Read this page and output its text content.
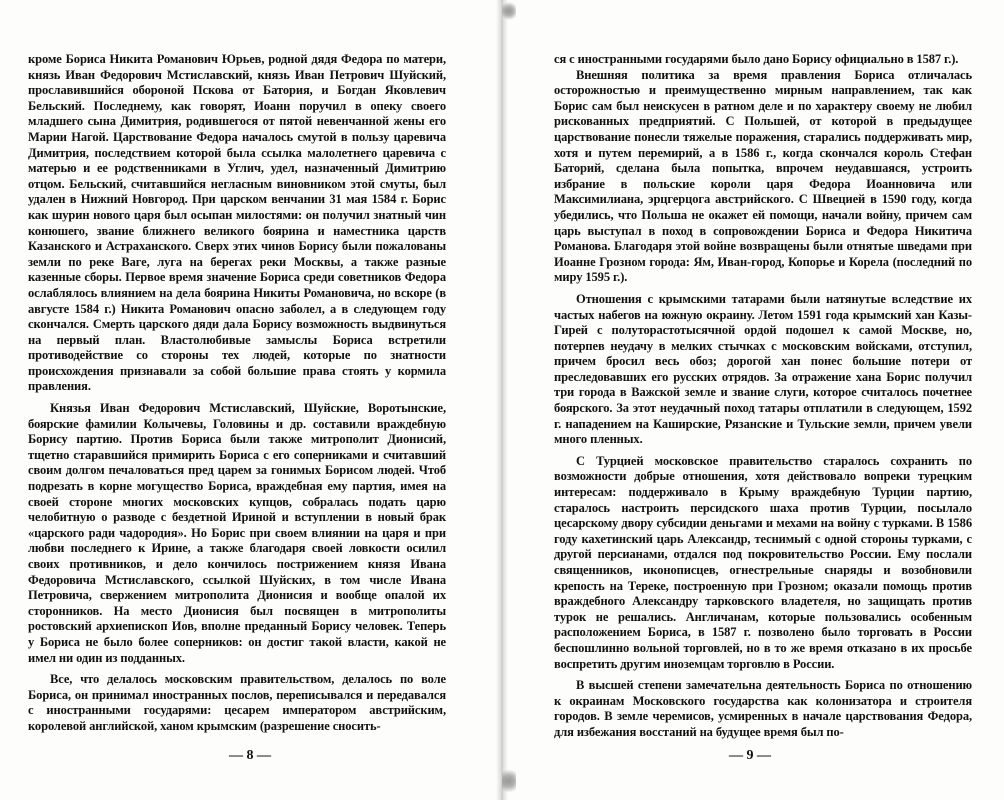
кроме Бориса Никита Романович Юрьев, родной дядя Федора по матери, князь Иван Федорович Мстиславский, князь Иван Петрович Шуйский, прославившийся обороной Пскова от Батория, и Богдан Яковлевич Бельский. Последнему, как говорят, Иоанн поручил в опеку своего младшего сына Димитрия, родившегося от пятой невенчанной жены его Марии Нагой. Царствование Федора началось смутой в пользу царевича Димитрия, последствием которой была ссылка малолетнего царевича с матерью и ее родственниками в Углич, удел, назначенный Димитрию отцом. Бельский, считавшийся негласным виновником этой смуты, был удален в Нижний Новгород. При царском венчании 31 мая 1584 г. Борис как шурин нового царя был осыпан милостями: он получил знатный чин конюшего, звание ближнего великого боярина и наместника царств Казанского и Астраханского. Сверх этих чинов Борису были пожалованы земли по реке Ваге, луга на берегах реки Москвы, а также разные казенные сборы. Первое время значение Бориса среди советников Федора ослаблялось влиянием на дела боярина Никиты Романовича, но вскоре (в августе 1584 г.) Никита Романович опасно заболел, а в следующем году скончался. Смерть царского дяди дала Борису возможность выдвинуться на первый план. Властолюбивые замыслы Бориса встретили противодействие со стороны тех людей, которые по знатности происхождения признавали за собой большие права стоять у кормила правления.

Князья Иван Федорович Мстиславский, Шуйские, Воротынские, боярские фамилии Колычевы, Головины и др. составили враждебную Борису партию. Против Бориса были также митрополит Дионисий, тщетно старавшийся примирить Бориса с его соперниками и считавший своим долгом печаловаться пред царем за гонимых Борисом людей. Чтоб подрезать в корне могущество Бориса, враждебная ему партия, имея на своей стороне многих московских купцов, собралась подать царю челобитную о разводе с бездетной Ириной и вступлении в новый брак «царского ради чадородия». Но Борис при своем влиянии на царя и при любви последнего к Ирине, а также благодаря своей ловкости осилил своих противников, и дело кончилось пострижением князя Ивана Федоровича Мстиславского, ссылкой Шуйских, в том числе Ивана Петровича, свержением митрополита Дионисия и вообще опалой их сторонников. На место Дионисия был посвящен в митрополиты ростовский архиепископ Иов, вполне преданный Борису человек. Теперь у Бориса не было более соперников: он достиг такой власти, какой не имел ни один из подданных.

Все, что делалось московским правительством, делалось по воле Бориса, он принимал иностранных послов, переписывался и передавался с иностранными государями: цесарем императором австрийским, королевой английской, ханом крымским (разрешение сносить-

— 8 —

ся с иностранными государями было дано Борису официально в 1587 г.).

Внешняя политика за время правления Бориса отличалась осторожностью и преимущественно мирным направлением, так как Борис сам был неискусен в ратном деле и по характеру своему не любил рискованных предприятий. С Польшей, от которой в предыдущее царствование понесли тяжелые поражения, старались поддерживать мир, хотя и путем перемирий, а в 1586 г., когда скончался король Стефан Баторий, сделана была попытка, впрочем неудавшаяся, устроить избрание в польские короли царя Федора Иоанновича или Максимилиана, эрцгерцога австрийского. С Швецией в 1590 году, когда убедились, что Польша не окажет ей помощи, начали войну, причем сам царь выступал в поход в сопровождении Бориса и Федора Никитича Романова. Благодаря этой войне возвращены были отнятые шведами при Иоанне Грозном города: Ям, Иван-город, Копорье и Корела (последний по миру 1595 г.).

Отношения с крымскими татарами были натянутые вследствие их частых набегов на южную окраину. Летом 1591 года крымский хан Казы-Гирей с полуторастотысячной ордой подошел к самой Москве, но, потерпев неудачу в мелких стычках с московским войсками, отступил, причем бросил весь обоз; дорогой хан понес большие потери от преследовавших его русских отрядов. За отражение хана Борис получил три города в Важской земле и звание слуги, которое считалось почетнее боярского. За этот неудачный поход татары отплатили в следующем, 1592 г. нападением на Каширские, Рязанские и Тульские земли, причем увели много пленных.

С Турцией московское правительство старалось сохранить по возможности добрые отношения, хотя действовало вопреки турецким интересам: поддерживало в Крыму враждебную Турции партию, старалось настроить персидского шаха против Турции, посылало цесарскому двору субсидии деньгами и мехами на войну с турками. В 1586 году кахетинский царь Александр, теснимый с одной стороны турками, с другой персианами, отдался под покровительство России. Ему послали священников, иконописцев, огнестрельные снаряды и возобновили крепость на Тереке, построенную при Грозном; оказали помощь против враждебного Александру тарковского владетеля, но защищать против турок не решались. Англичанам, которые пользовались особенным расположением Бориса, в 1587 г. позволено было торговать в России беспошлинно вольной торговлей, но в то же время отказано в их просьбе воспретить другим иноземцам торговлю в России.

В высшей степени замечательна деятельность Бориса по отношению к окраинам Московского государства как колонизатора и строителя городов. В земле черемисов, усмиренных в начале царствования Федора, для избежания восстаний на будущее время был по-

— 9 —
